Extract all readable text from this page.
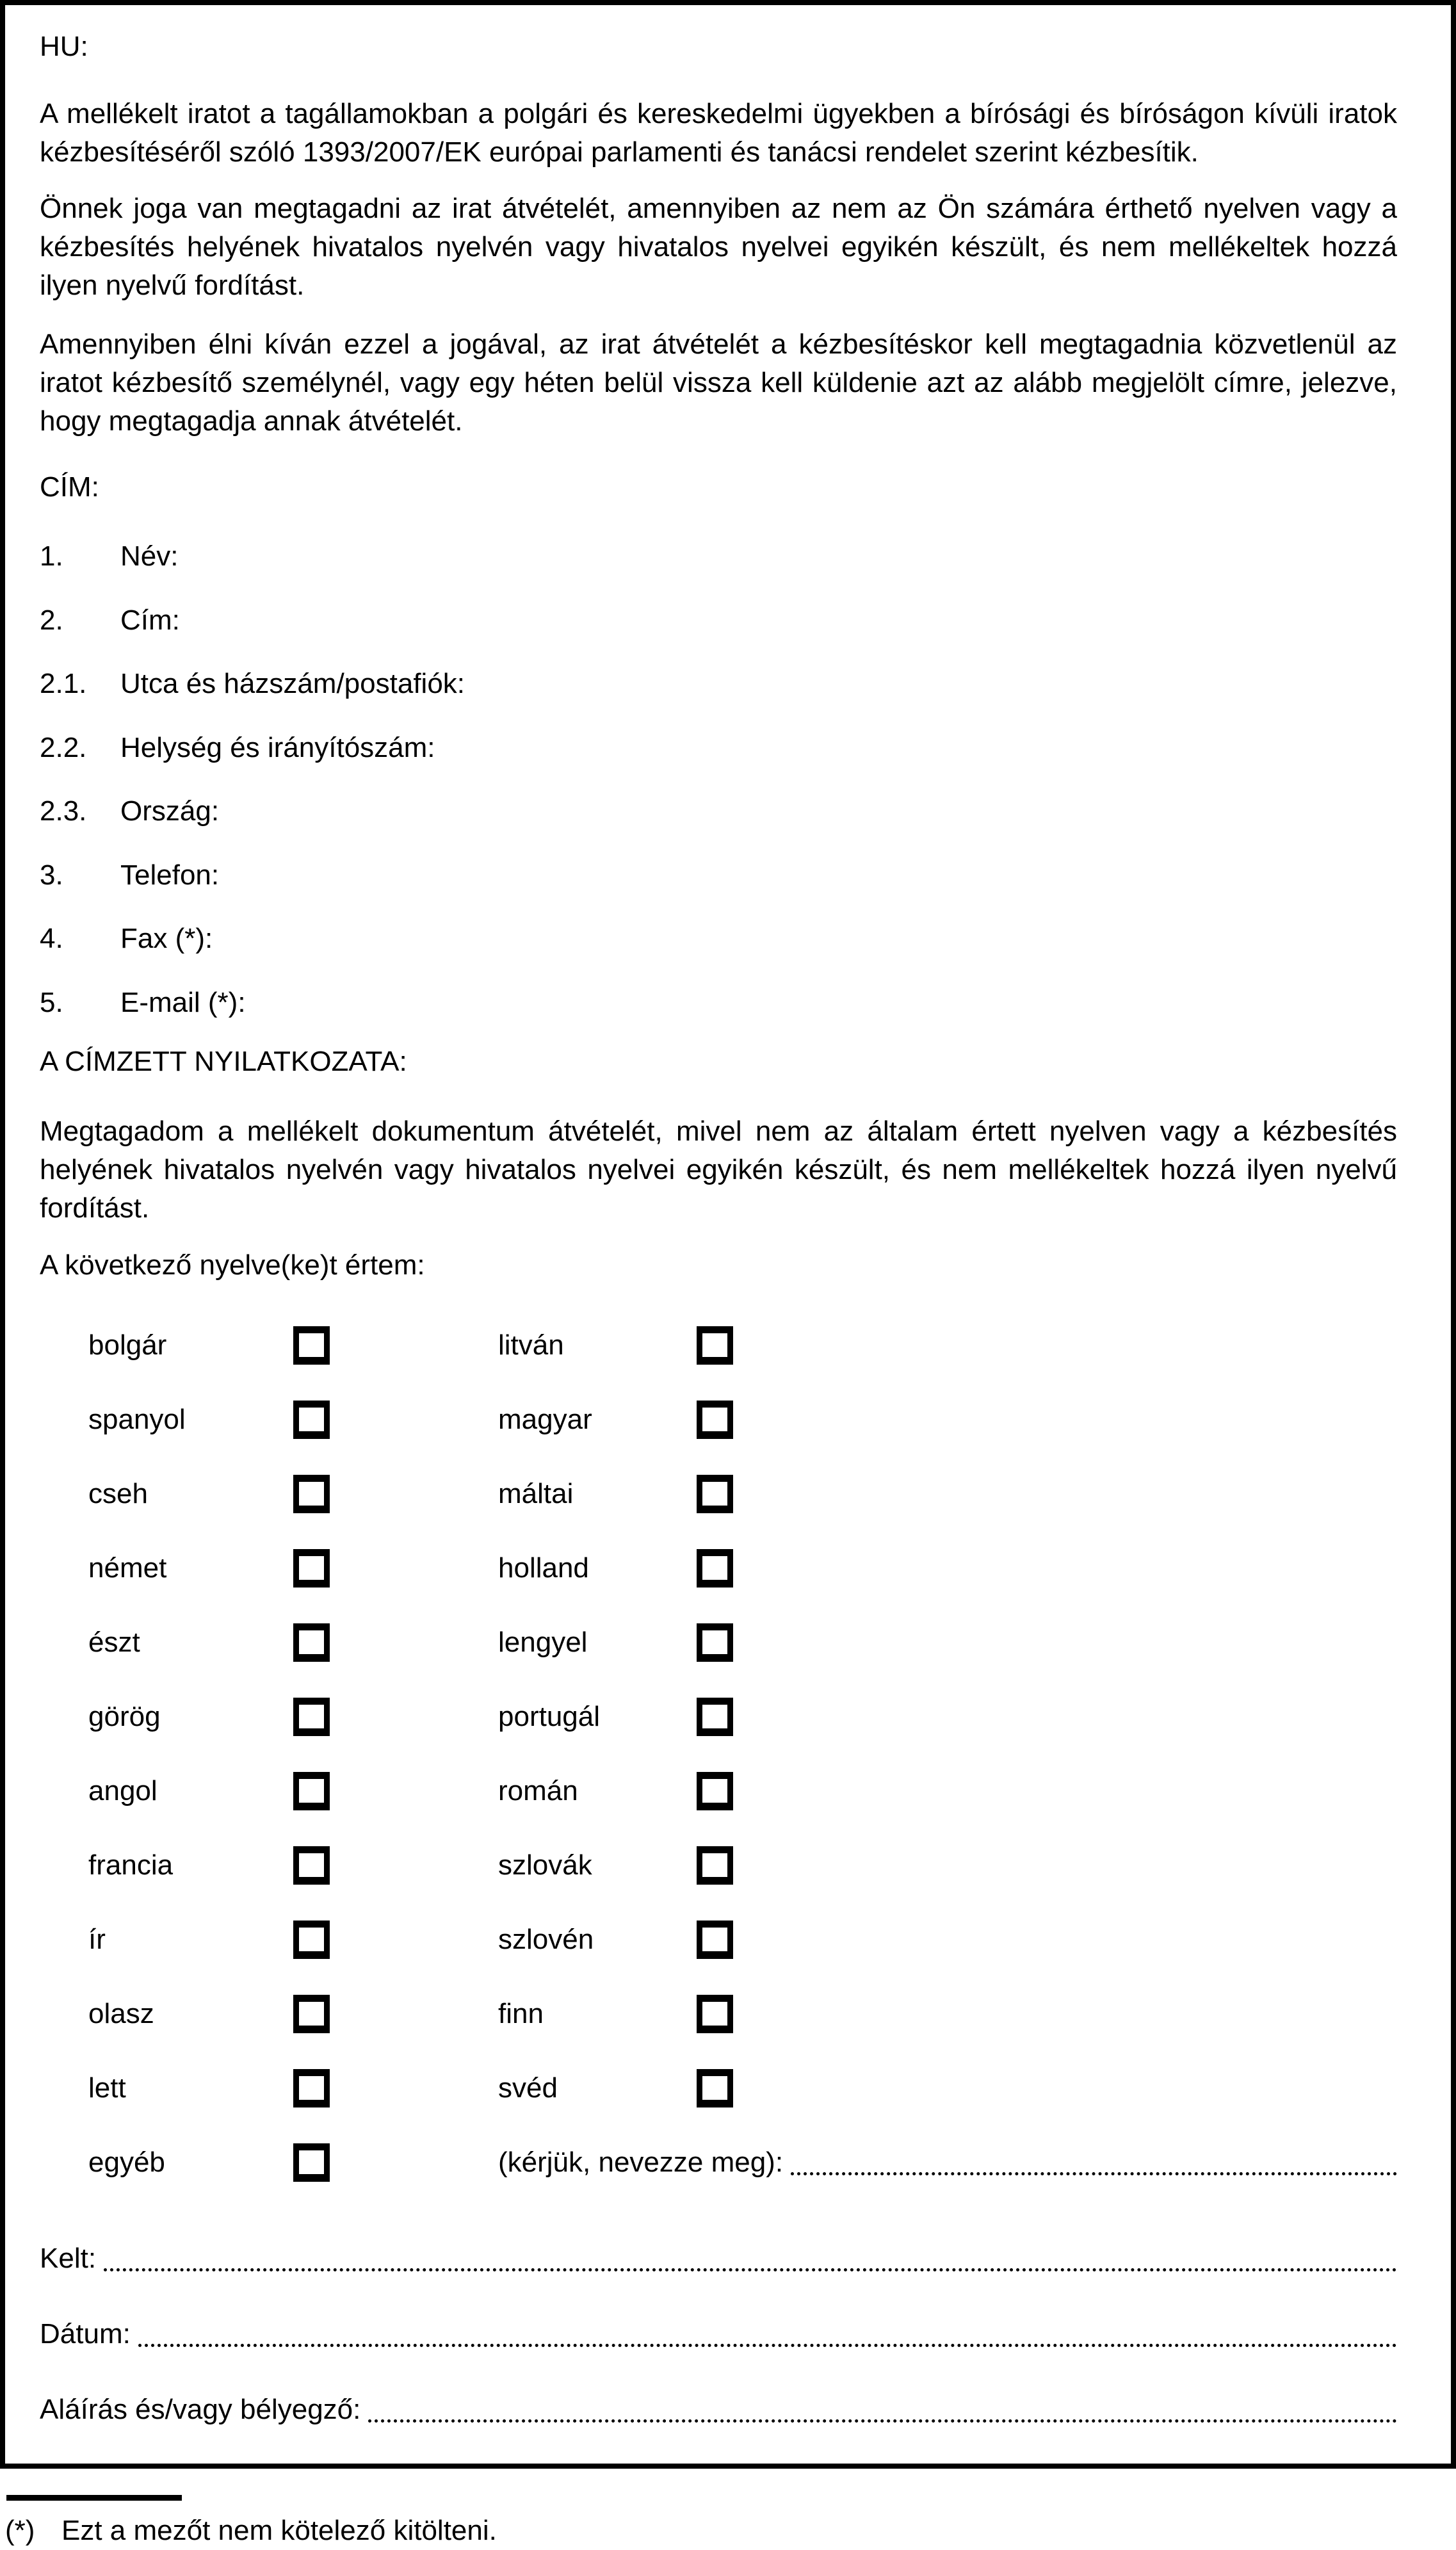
HU:
A mellékelt iratot a tagállamokban a polgári és kereskedelmi ügyekben a bírósági és bíróságon kívüli iratok kézbesítéséről szóló 1393/2007/EK európai parlamenti és tanácsi rendelet szerint kézbesítik.
Önnek joga van megtagadni az irat átvételét, amennyiben az nem az Ön számára érthető nyelven vagy a kézbesítés helyének hivatalos nyelvén vagy hivatalos nyelvei egyikén készült, és nem mellékeltek hozzá ilyen nyelvű fordítást.
Amennyiben élni kíván ezzel a jogával, az irat átvételét a kézbesítéskor kell megtagadnia közvetlenül az iratot kézbesítő személynél, vagy egy héten belül vissza kell küldenie azt az alább megjelölt címre, jelezve, hogy megtagadja annak átvételét.
CÍM:
1. Név:
2. Cím:
2.1. Utca és házszám/postafiók:
2.2. Helység és irányítószám:
2.3. Ország:
3. Telefon:
4. Fax (*):
5. E-mail (*):
A CÍMZETT NYILATKOZATA:
Megtagadom a mellékelt dokumentum átvételét, mivel nem az általam értett nyelven vagy a kézbesítés helyének hivatalos nyelvén vagy hivatalos nyelvei egyikén készült, és nem mellékeltek hozzá ilyen nyelvű fordítást.
A következő nyelve(ke)t értem:
bolgár	litván
spanyol	magyar
cseh	máltai
német	holland
észt	lengyel
görög	portugál
angol	román
francia	szlovák
ír	szlovén
olasz	finn
lett	svéd
egyéb	(kérjük, nevezze meg):
Kelt:
Dátum:
Aláírás és/vagy bélyegző:
(*) Ezt a mezőt nem kötelező kitölteni.
